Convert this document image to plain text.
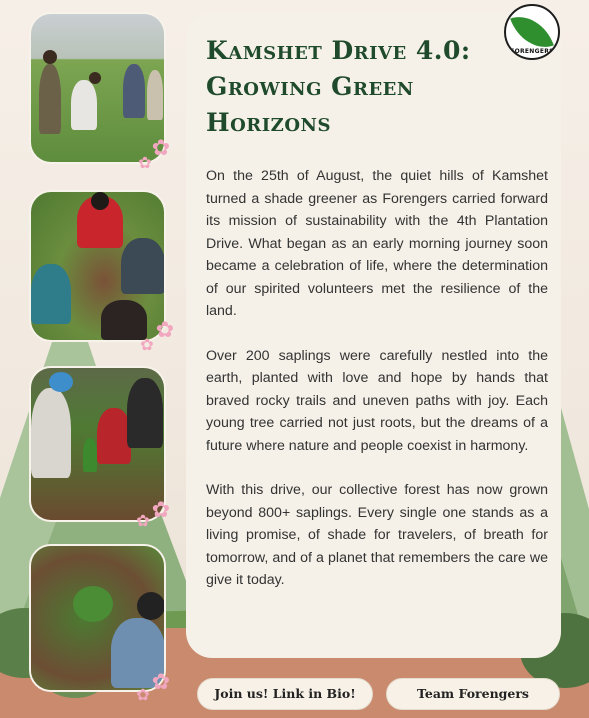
✿
✿
✿
✿
✿
✿
✿
✿
Kamshet Drive 4.0:
Growing Green
Horizons

On the 25th of August, the quiet hills of Kamshet turned a shade greener as Forengers carried forward its mission of sustainability with the 4th Plantation Drive. What began as an early morning journey soon became a celebration of life, where the determination of our spirited volunteers met the resilience of the land.

Over 200 saplings were carefully nestled into the earth, planted with love and hope by hands that braved rocky trails and uneven paths with joy. Each young tree carried not just roots, but the dreams of a future where nature and people coexist in harmony.

With this drive, our collective forest has now grown beyond 800+ saplings. Every single one stands as a living promise, of shade for travelers, of breath for tomorrow, and of a planet that remembers the care we give it today.

FORENGERS
Join us! Link in Bio!	Team Forengers
